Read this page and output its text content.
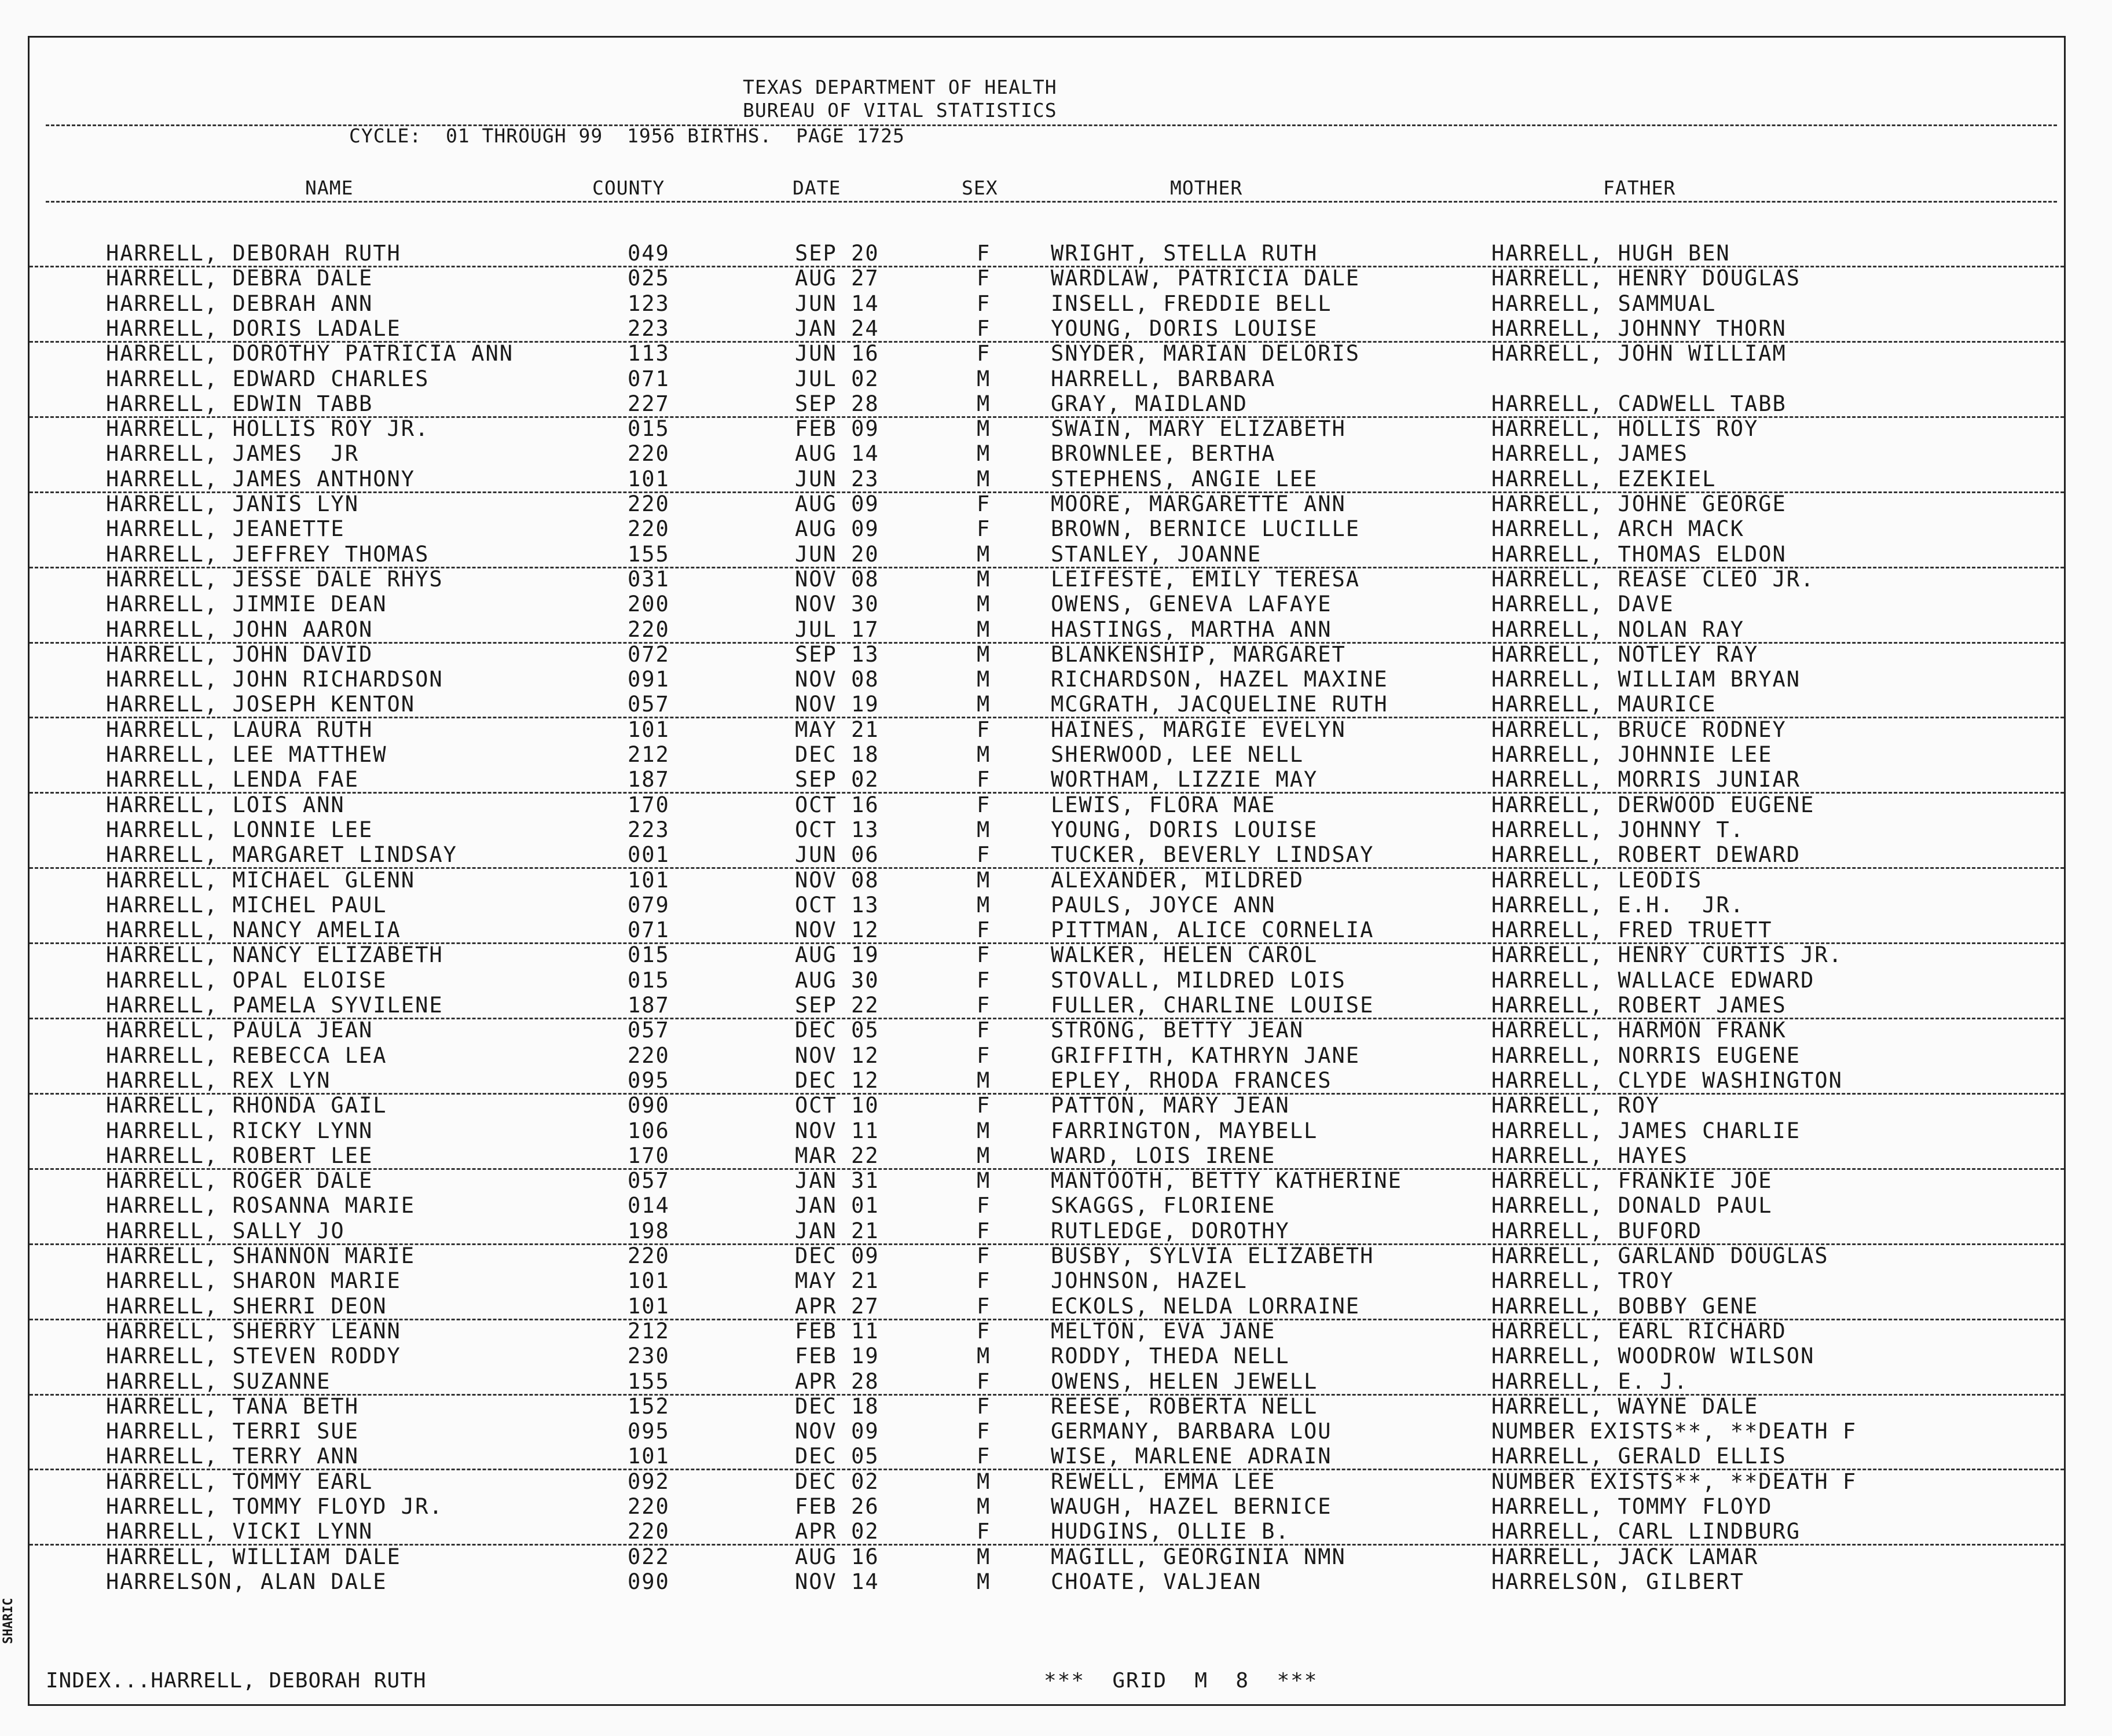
TEXAS DEPARTMENT OF HEALTH
BUREAU OF VITAL STATISTICS
CYCLE:  01 THROUGH 99  1956 BIRTHS.  PAGE 1725
NAME	COUNTY	DATE	SEX	MOTHER	FATHER
HARRELL, DEBORAH RUTH	049	SEP 20	F	WRIGHT, STELLA RUTH	HARRELL, HUGH BEN
HARRELL, DEBRA DALE	025	AUG 27	F	WARDLAW, PATRICIA DALE	HARRELL, HENRY DOUGLAS
HARRELL, DEBRAH ANN	123	JUN 14	F	INSELL, FREDDIE BELL	HARRELL, SAMMUAL
HARRELL, DORIS LADALE	223	JAN 24	F	YOUNG, DORIS LOUISE	HARRELL, JOHNNY THORN
HARRELL, DOROTHY PATRICIA ANN	113	JUN 16	F	SNYDER, MARIAN DELORIS	HARRELL, JOHN WILLIAM
HARRELL, EDWARD CHARLES	071	JUL 02	M	HARRELL, BARBARA
HARRELL, EDWIN TABB	227	SEP 28	M	GRAY, MAIDLAND	HARRELL, CADWELL TABB
HARRELL, HOLLIS ROY JR.	015	FEB 09	M	SWAIN, MARY ELIZABETH	HARRELL, HOLLIS ROY
HARRELL, JAMES  JR	220	AUG 14	M	BROWNLEE, BERTHA	HARRELL, JAMES
HARRELL, JAMES ANTHONY	101	JUN 23	M	STEPHENS, ANGIE LEE	HARRELL, EZEKIEL
HARRELL, JANIS LYN	220	AUG 09	F	MOORE, MARGARETTE ANN	HARRELL, JOHNE GEORGE
HARRELL, JEANETTE	220	AUG 09	F	BROWN, BERNICE LUCILLE	HARRELL, ARCH MACK
HARRELL, JEFFREY THOMAS	155	JUN 20	M	STANLEY, JOANNE	HARRELL, THOMAS ELDON
HARRELL, JESSE DALE RHYS	031	NOV 08	M	LEIFESTE, EMILY TERESA	HARRELL, REASE CLEO JR.
HARRELL, JIMMIE DEAN	200	NOV 30	M	OWENS, GENEVA LAFAYE	HARRELL, DAVE
HARRELL, JOHN AARON	220	JUL 17	M	HASTINGS, MARTHA ANN	HARRELL, NOLAN RAY
HARRELL, JOHN DAVID	072	SEP 13	M	BLANKENSHIP, MARGARET	HARRELL, NOTLEY RAY
HARRELL, JOHN RICHARDSON	091	NOV 08	M	RICHARDSON, HAZEL MAXINE	HARRELL, WILLIAM BRYAN
HARRELL, JOSEPH KENTON	057	NOV 19	M	MCGRATH, JACQUELINE RUTH	HARRELL, MAURICE
HARRELL, LAURA RUTH	101	MAY 21	F	HAINES, MARGIE EVELYN	HARRELL, BRUCE RODNEY
HARRELL, LEE MATTHEW	212	DEC 18	M	SHERWOOD, LEE NELL	HARRELL, JOHNNIE LEE
HARRELL, LENDA FAE	187	SEP 02	F	WORTHAM, LIZZIE MAY	HARRELL, MORRIS JUNIAR
HARRELL, LOIS ANN	170	OCT 16	F	LEWIS, FLORA MAE	HARRELL, DERWOOD EUGENE
HARRELL, LONNIE LEE	223	OCT 13	M	YOUNG, DORIS LOUISE	HARRELL, JOHNNY T.
HARRELL, MARGARET LINDSAY	001	JUN 06	F	TUCKER, BEVERLY LINDSAY	HARRELL, ROBERT DEWARD
HARRELL, MICHAEL GLENN	101	NOV 08	M	ALEXANDER, MILDRED	HARRELL, LEODIS
HARRELL, MICHEL PAUL	079	OCT 13	M	PAULS, JOYCE ANN	HARRELL, E.H.  JR.
HARRELL, NANCY AMELIA	071	NOV 12	F	PITTMAN, ALICE CORNELIA	HARRELL, FRED TRUETT
HARRELL, NANCY ELIZABETH	015	AUG 19	F	WALKER, HELEN CAROL	HARRELL, HENRY CURTIS JR.
HARRELL, OPAL ELOISE	015	AUG 30	F	STOVALL, MILDRED LOIS	HARRELL, WALLACE EDWARD
HARRELL, PAMELA SYVILENE	187	SEP 22	F	FULLER, CHARLINE LOUISE	HARRELL, ROBERT JAMES
HARRELL, PAULA JEAN	057	DEC 05	F	STRONG, BETTY JEAN	HARRELL, HARMON FRANK
HARRELL, REBECCA LEA	220	NOV 12	F	GRIFFITH, KATHRYN JANE	HARRELL, NORRIS EUGENE
HARRELL, REX LYN	095	DEC 12	M	EPLEY, RHODA FRANCES	HARRELL, CLYDE WASHINGTON
HARRELL, RHONDA GAIL	090	OCT 10	F	PATTON, MARY JEAN	HARRELL, ROY
HARRELL, RICKY LYNN	106	NOV 11	M	FARRINGTON, MAYBELL	HARRELL, JAMES CHARLIE
HARRELL, ROBERT LEE	170	MAR 22	M	WARD, LOIS IRENE	HARRELL, HAYES
HARRELL, ROGER DALE	057	JAN 31	M	MANTOOTH, BETTY KATHERINE	HARRELL, FRANKIE JOE
HARRELL, ROSANNA MARIE	014	JAN 01	F	SKAGGS, FLORIENE	HARRELL, DONALD PAUL
HARRELL, SALLY JO	198	JAN 21	F	RUTLEDGE, DOROTHY	HARRELL, BUFORD
HARRELL, SHANNON MARIE	220	DEC 09	F	BUSBY, SYLVIA ELIZABETH	HARRELL, GARLAND DOUGLAS
HARRELL, SHARON MARIE	101	MAY 21	F	JOHNSON, HAZEL	HARRELL, TROY
HARRELL, SHERRI DEON	101	APR 27	F	ECKOLS, NELDA LORRAINE	HARRELL, BOBBY GENE
HARRELL, SHERRY LEANN	212	FEB 11	F	MELTON, EVA JANE	HARRELL, EARL RICHARD
HARRELL, STEVEN RODDY	230	FEB 19	M	RODDY, THEDA NELL	HARRELL, WOODROW WILSON
HARRELL, SUZANNE	155	APR 28	F	OWENS, HELEN JEWELL	HARRELL, E. J.
HARRELL, TANA BETH	152	DEC 18	F	REESE, ROBERTA NELL	HARRELL, WAYNE DALE
HARRELL, TERRI SUE	095	NOV 09	F	GERMANY, BARBARA LOU	NUMBER EXISTS**, **DEATH F
HARRELL, TERRY ANN	101	DEC 05	F	WISE, MARLENE ADRAIN	HARRELL, GERALD ELLIS
HARRELL, TOMMY EARL	092	DEC 02	M	REWELL, EMMA LEE	NUMBER EXISTS**, **DEATH F
HARRELL, TOMMY FLOYD JR.	220	FEB 26	M	WAUGH, HAZEL BERNICE	HARRELL, TOMMY FLOYD
HARRELL, VICKI LYNN	220	APR 02	F	HUDGINS, OLLIE B.	HARRELL, CARL LINDBURG
HARRELL, WILLIAM DALE	022	AUG 16	M	MAGILL, GEORGINIA NMN	HARRELL, JACK LAMAR
HARRELSON, ALAN DALE	090	NOV 14	M	CHOATE, VALJEAN	HARRELSON, GILBERT
INDEX...HARRELL, DEBORAH RUTH	***  GRID  M  8  ***
SHARIC
